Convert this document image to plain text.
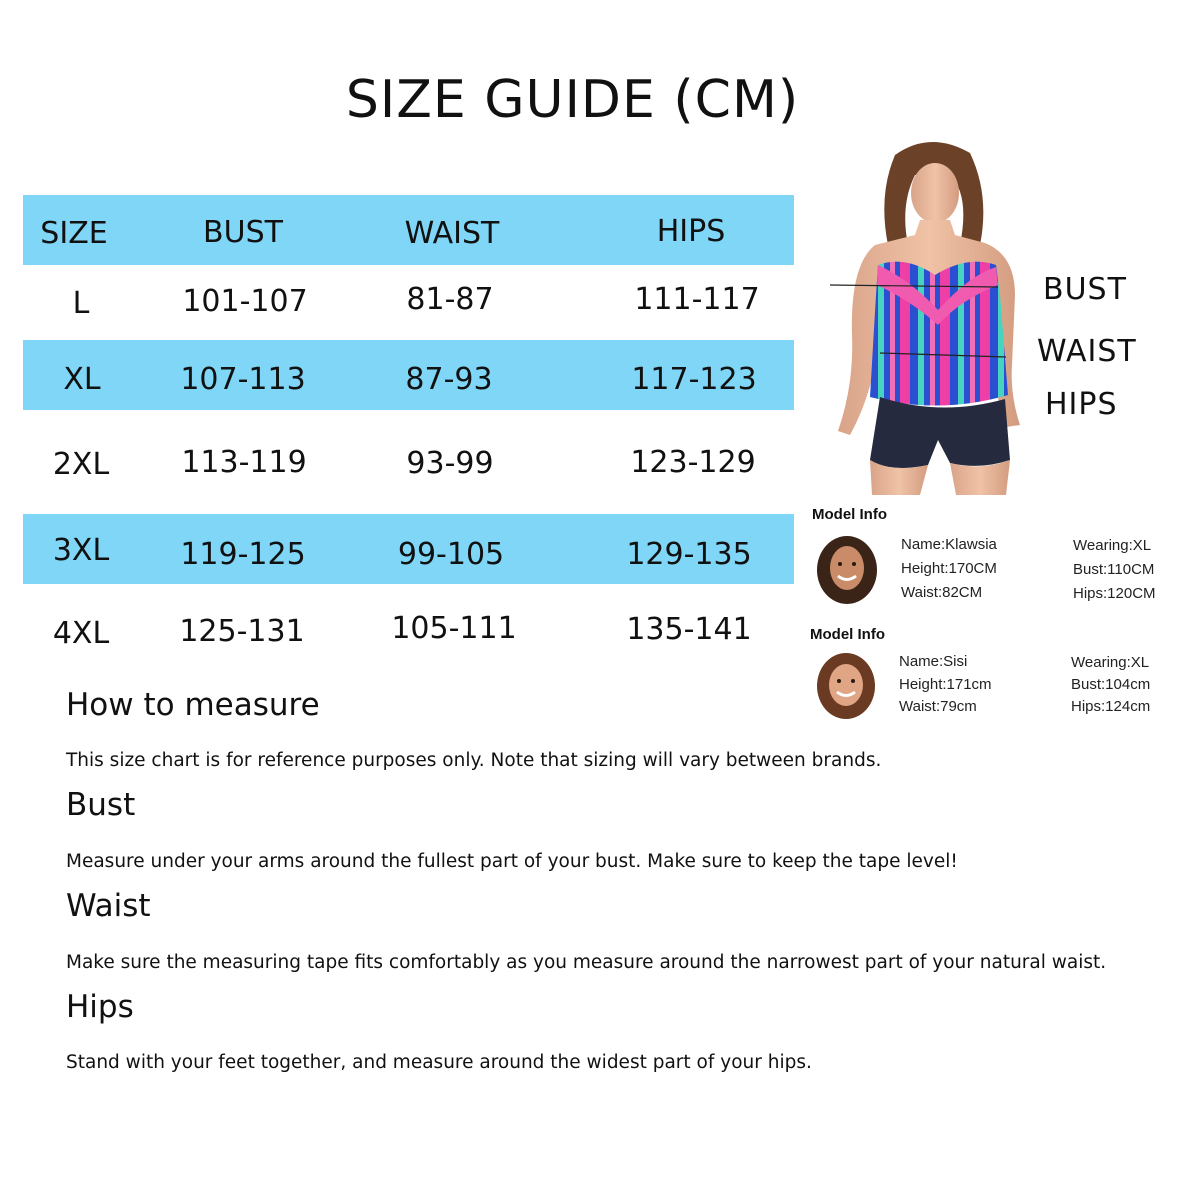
SIZE GUIDE (CM)
SIZE	BUST	WAIST	HIPS
L	101-107	81-87	111-117
XL	107-113	87-93	117-123
2XL	113-119	93-99	123-129
3XL	119-125	99-105	129-135
4XL	125-131	105-111	135-141
BUST
WAIST
HIPS
Model Info
Name:Klawsia
Height:170CM
Waist:82CM
Wearing:XL
Bust:110CM
Hips:120CM
Model Info
Name:Sisi
Height:171cm
Waist:79cm
Wearing:XL
Bust:104cm
Hips:124cm
How to measure
This size chart is for reference purposes only. Note that sizing will vary between brands.
Bust
Measure under your arms around the fullest part of your bust. Make sure to keep the tape level!
Waist
Make sure the measuring tape fits comfortably as you measure around the narrowest part of your natural waist.
Hips
Stand with your feet together, and measure around the widest part of your hips.
